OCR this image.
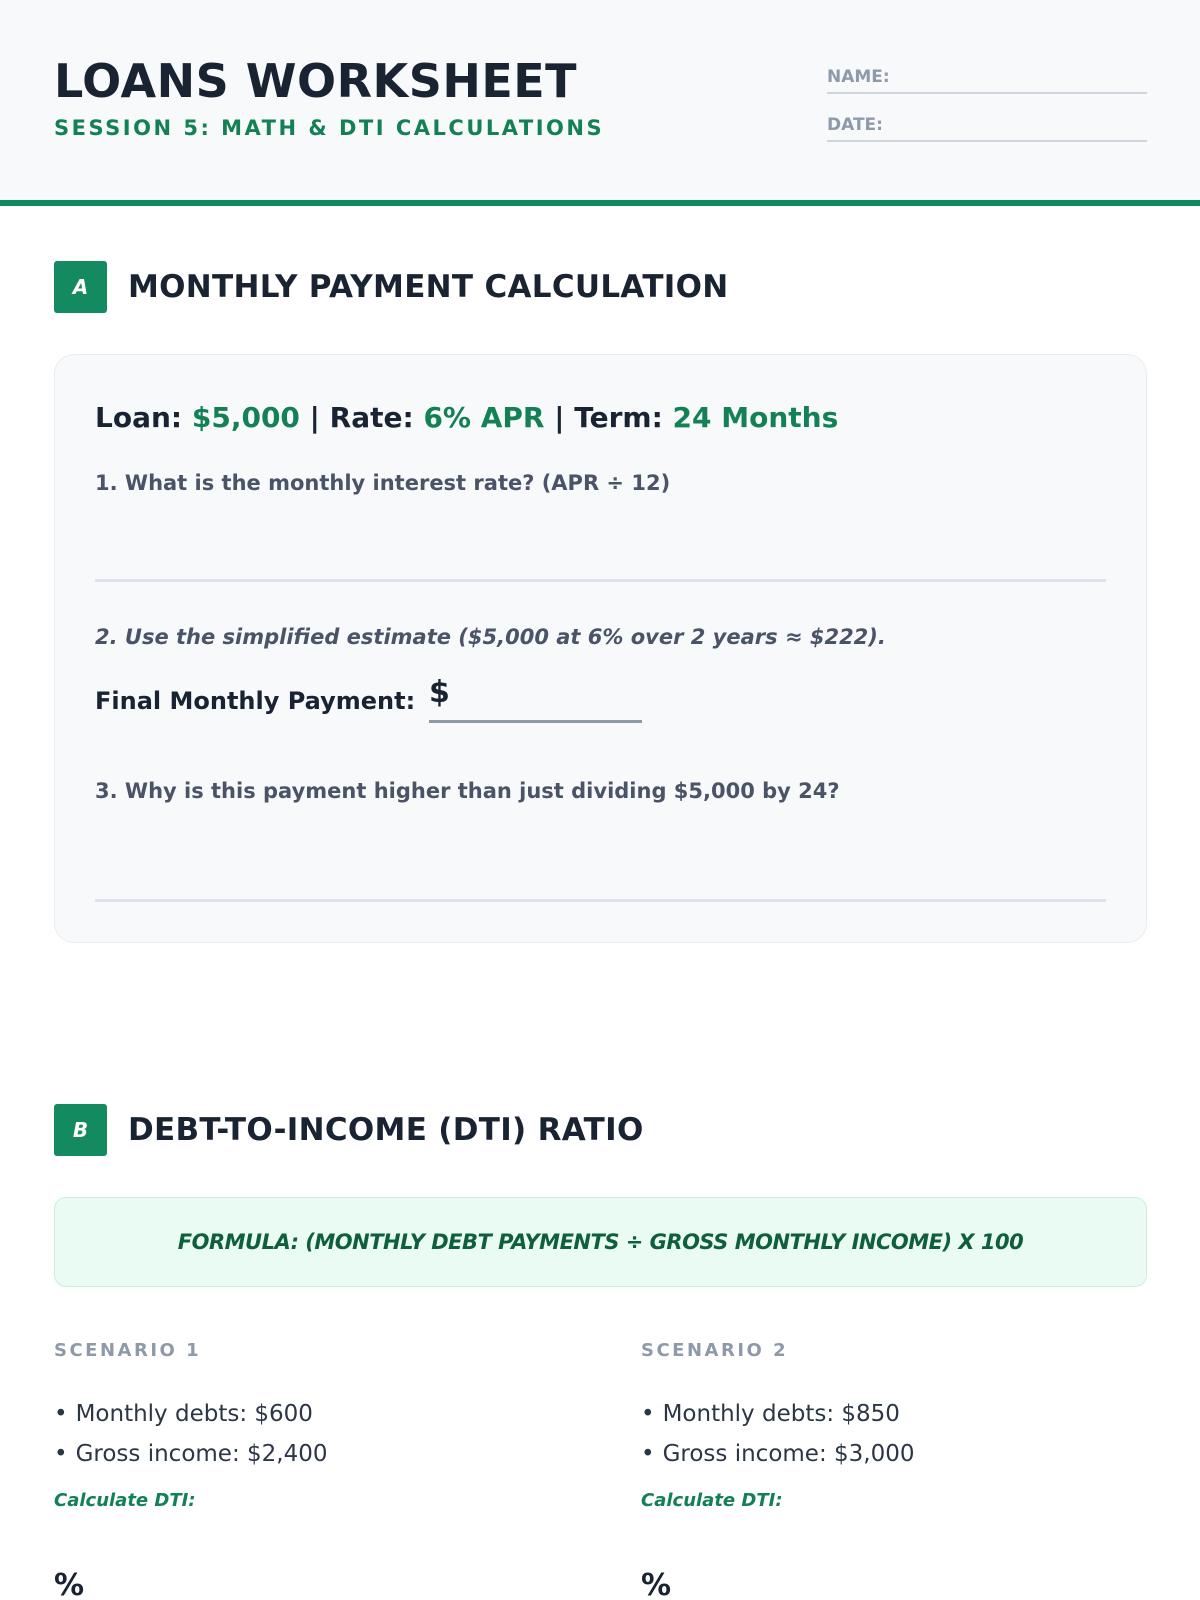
LOANS WORKSHEET
SESSION 5: MATH & DTI CALCULATIONS
NAME:
DATE:
A	MONTHLY PAYMENT CALCULATION
Loan: $5,000 | Rate: 6% APR | Term: 24 Months
1. What is the monthly interest rate? (APR ÷ 12)
2. Use the simplified estimate ($5,000 at 6% over 2 years ≈ $222).
Final Monthly Payment: $
3. Why is this payment higher than just dividing $5,000 by 24?
B	DEBT-TO-INCOME (DTI) RATIO
FORMULA: (MONTHLY DEBT PAYMENTS ÷ GROSS MONTHLY INCOME) X 100
SCENARIO 1
• Monthly debts: $600
• Gross income: $2,400
Calculate DTI:
SCENARIO 2
• Monthly debts: $850
• Gross income: $3,000
Calculate DTI:
%	%
